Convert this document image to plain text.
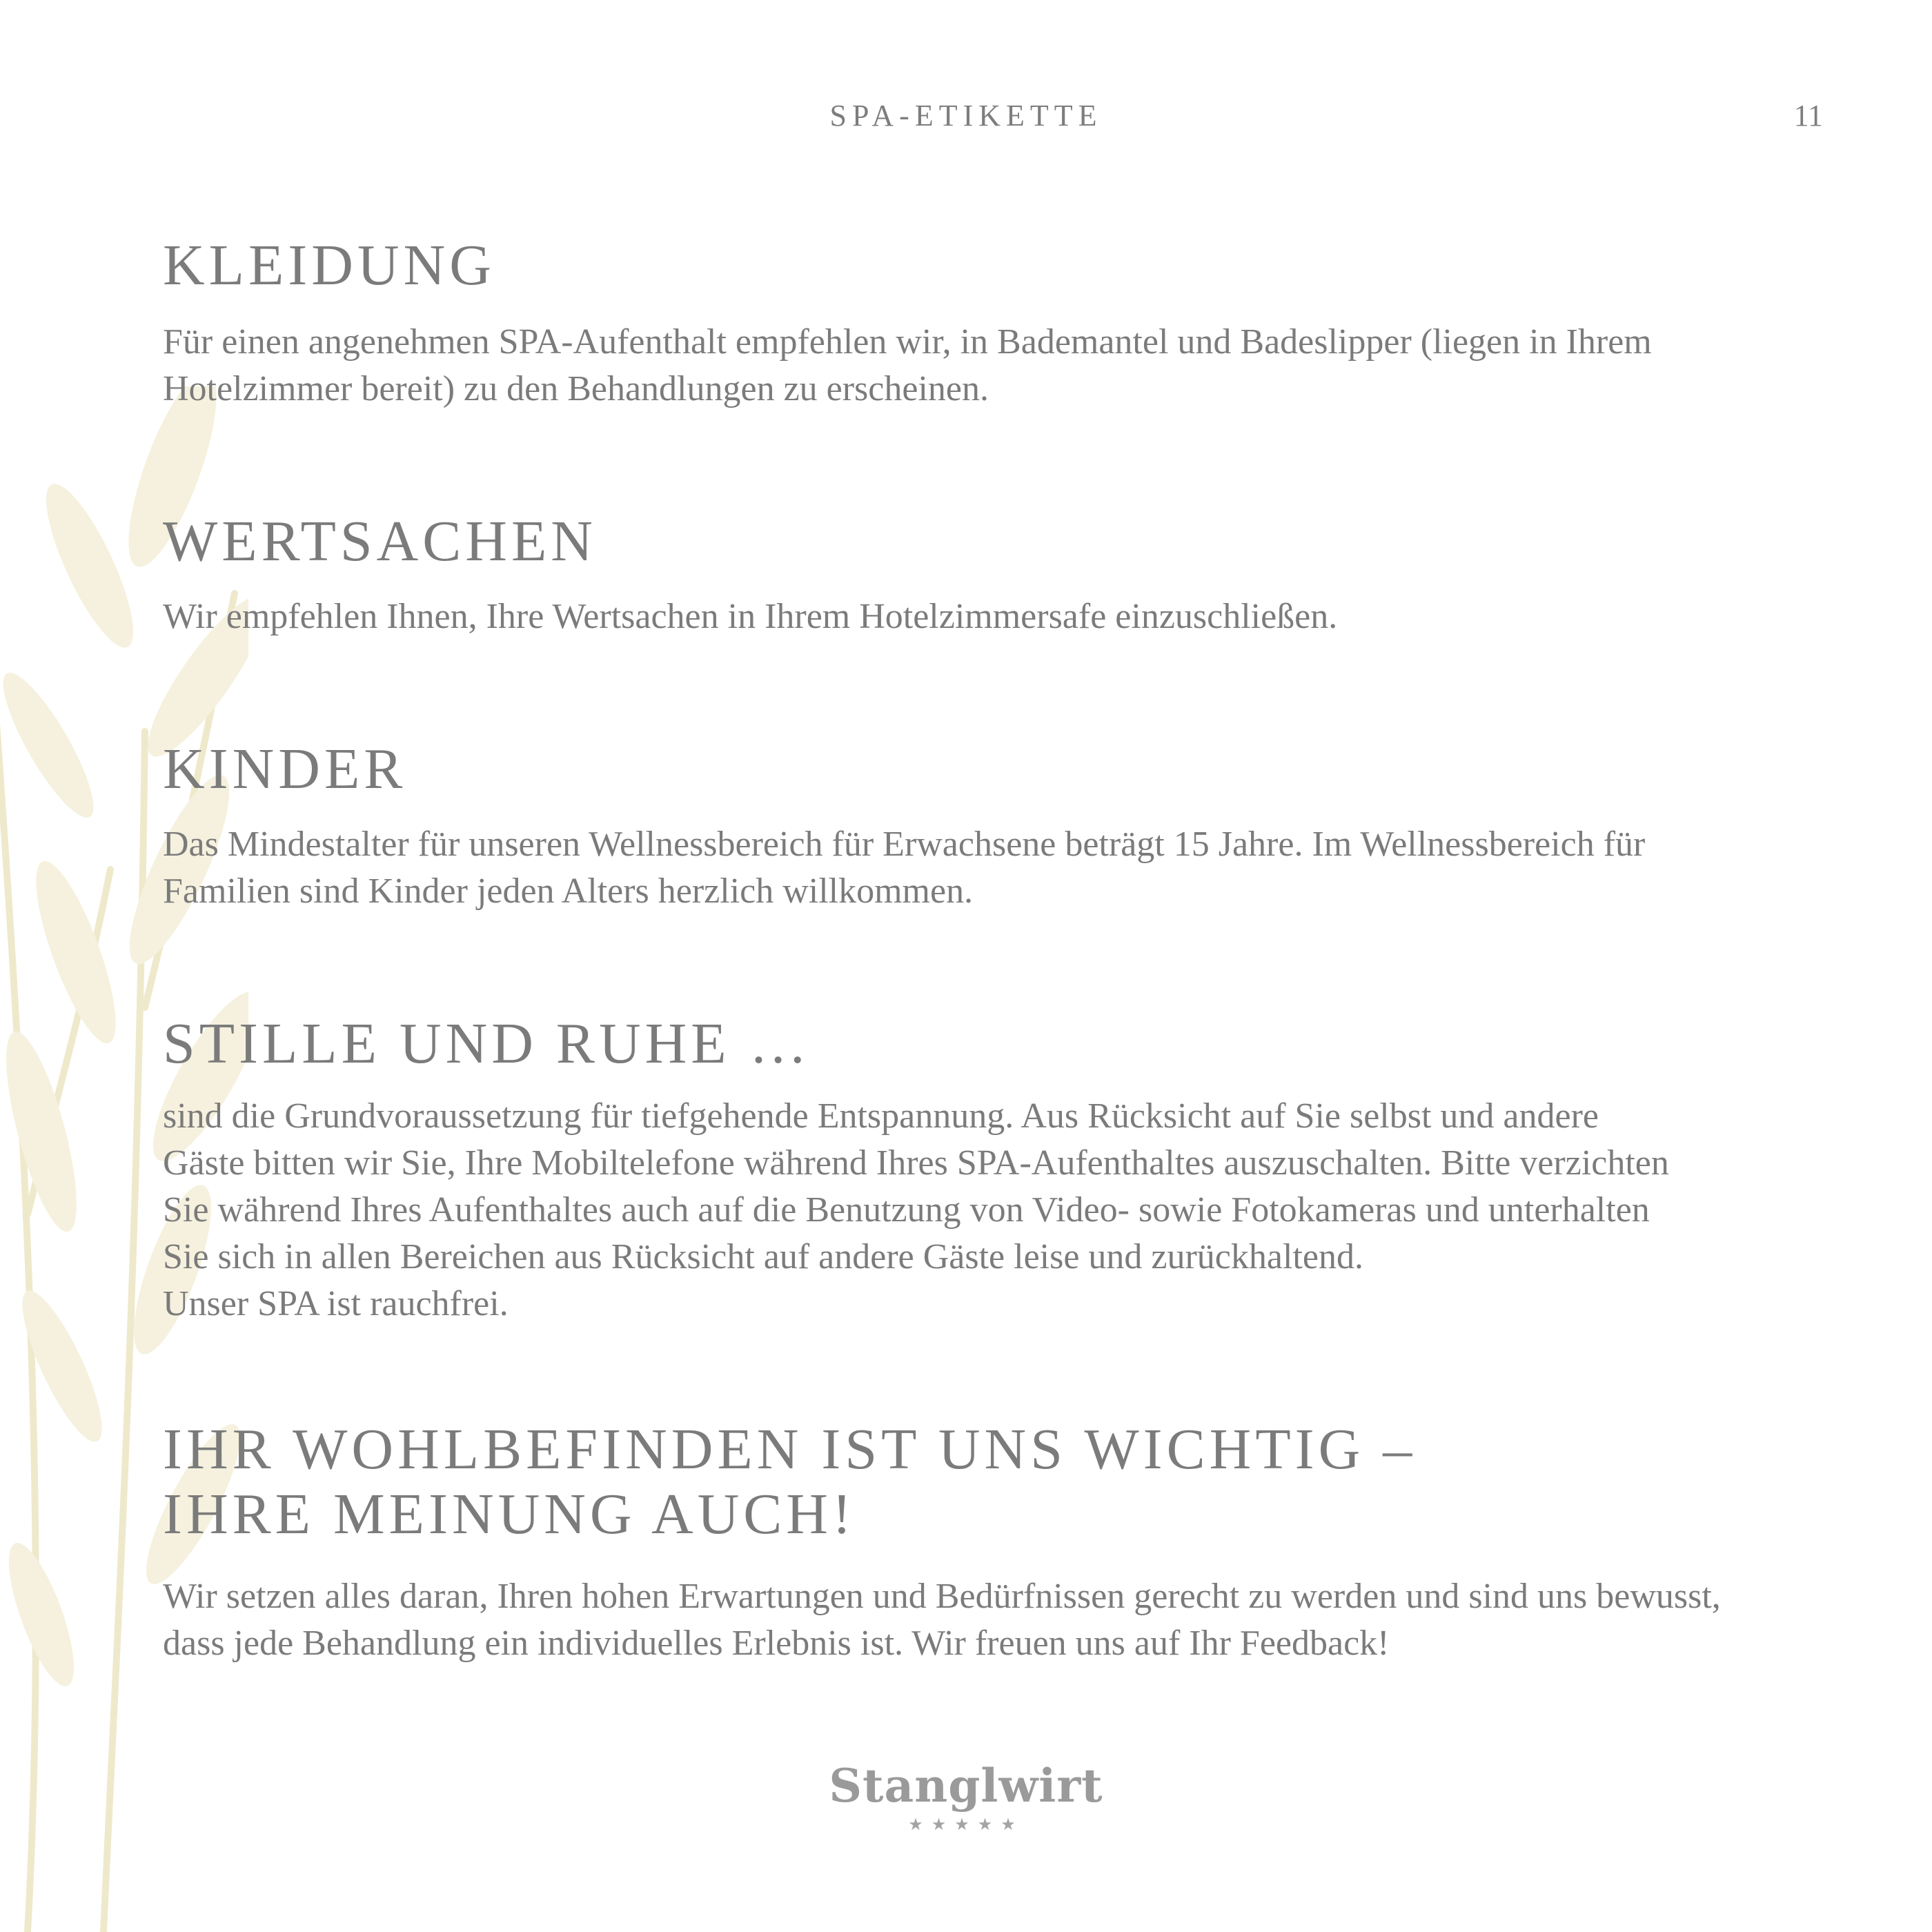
SPA-ETIKETTE	11
KLEIDUNG

Für einen angenehmen SPA-Aufenthalt empfehlen wir, in Bademantel und Badeslipper (liegen in Ihrem
Hotelzimmer bereit) zu den Behandlungen zu erscheinen.

WERTSACHEN

Wir empfehlen Ihnen, Ihre Wertsachen in Ihrem Hotelzimmersafe einzuschließen.

KINDER

Das Mindestalter für unseren Wellnessbereich für Erwachsene beträgt 15 Jahre. Im Wellnessbereich für
Familien sind Kinder jeden Alters herzlich willkommen.

STILLE UND RUHE …

sind die Grundvoraussetzung für tiefgehende Entspannung. Aus Rücksicht auf Sie selbst und andere
Gäste bitten wir Sie, Ihre Mobiltelefone während Ihres SPA-Aufenthaltes auszuschalten. Bitte verzichten
Sie während Ihres Aufenthaltes auch auf die Benutzung von Video- sowie Fotokameras und unterhalten
Sie sich in allen Bereichen aus Rücksicht auf andere Gäste leise und zurückhaltend.
Unser SPA ist rauchfrei.

IHR WOHLBEFINDEN IST UNS WICHTIG –
IHRE MEINUNG AUCH!

Wir setzen alles daran, Ihren hohen Erwartungen und Bedürfnissen gerecht zu werden und sind uns bewusst,
dass jede Behandlung ein individuelles Erlebnis ist. Wir freuen uns auf Ihr Feedback!

Stanglwirt
★★★★★
